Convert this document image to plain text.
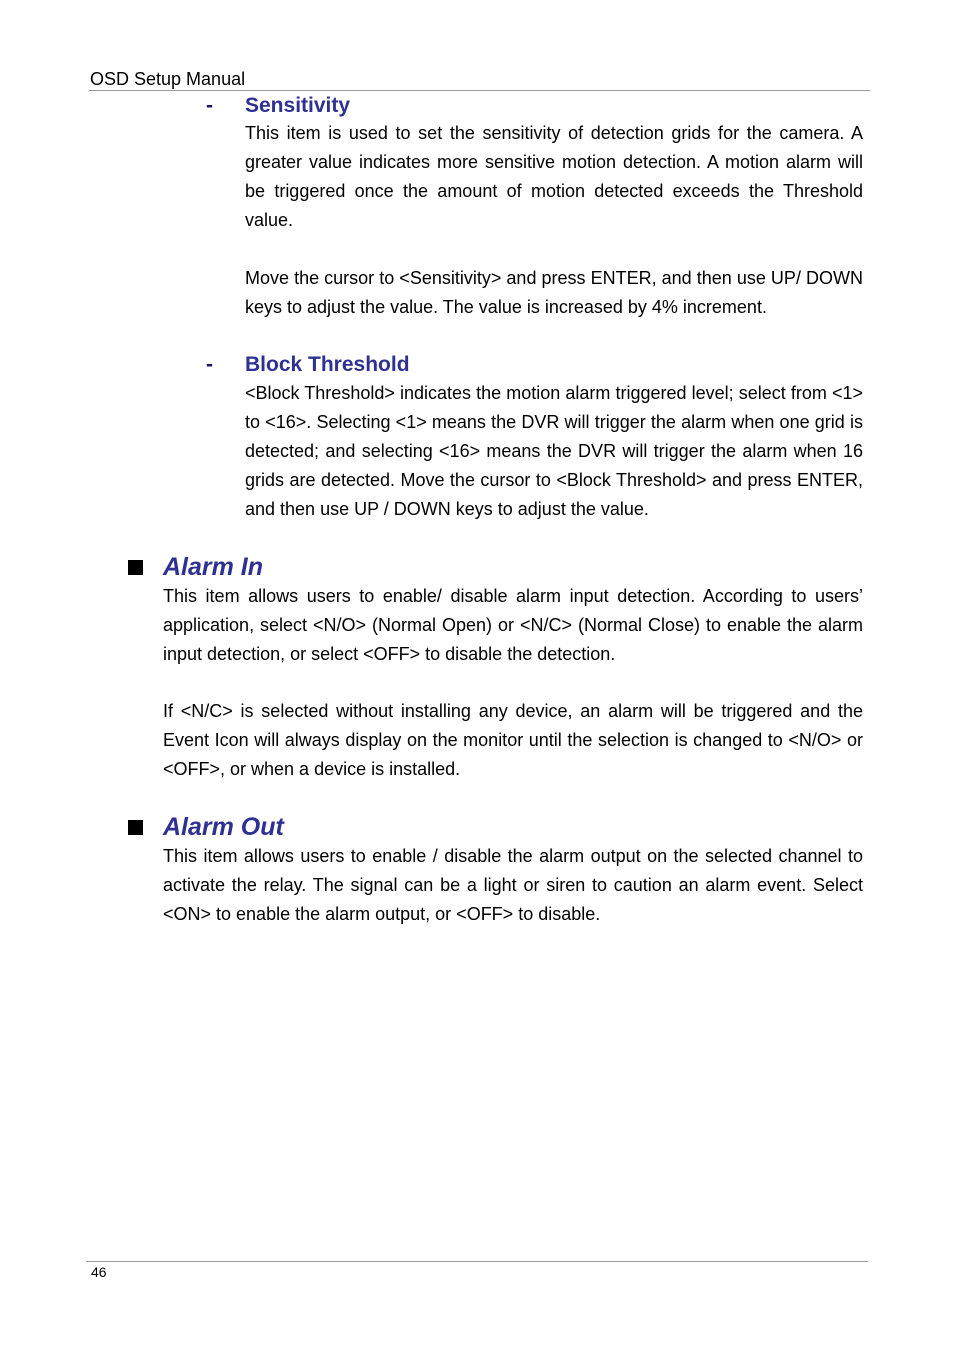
OSD Setup Manual
- Sensitivity

This item is used to set the sensitivity of detection grids for the camera. A greater value indicates more sensitive motion detection. A motion alarm will be triggered once the amount of motion detected exceeds the Threshold value.

Move the cursor to <Sensitivity> and press ENTER, and then use UP/ DOWN keys to adjust the value. The value is increased by 4% increment.

- Block Threshold

<Block Threshold> indicates the motion alarm triggered level; select from <1> to <16>. Selecting <1> means the DVR will trigger the alarm when one grid is detected; and selecting <16> means the DVR will trigger the alarm when 16 grids are detected. Move the cursor to <Block Threshold> and press ENTER, and then use UP / DOWN keys to adjust the value.

Alarm In

This item allows users to enable/ disable alarm input detection. According to users’ application, select <N/O> (Normal Open) or <N/C> (Normal Close) to enable the alarm input detection, or select <OFF> to disable the detection.

If <N/C> is selected without installing any device, an alarm will be triggered and the Event Icon will always display on the monitor until the selection is changed to <N/O> or <OFF>, or when a device is installed.

Alarm Out

This item allows users to enable / disable the alarm output on the selected channel to activate the relay. The signal can be a light or siren to caution an alarm event. Select <ON> to enable the alarm output, or <OFF> to disable.

46
